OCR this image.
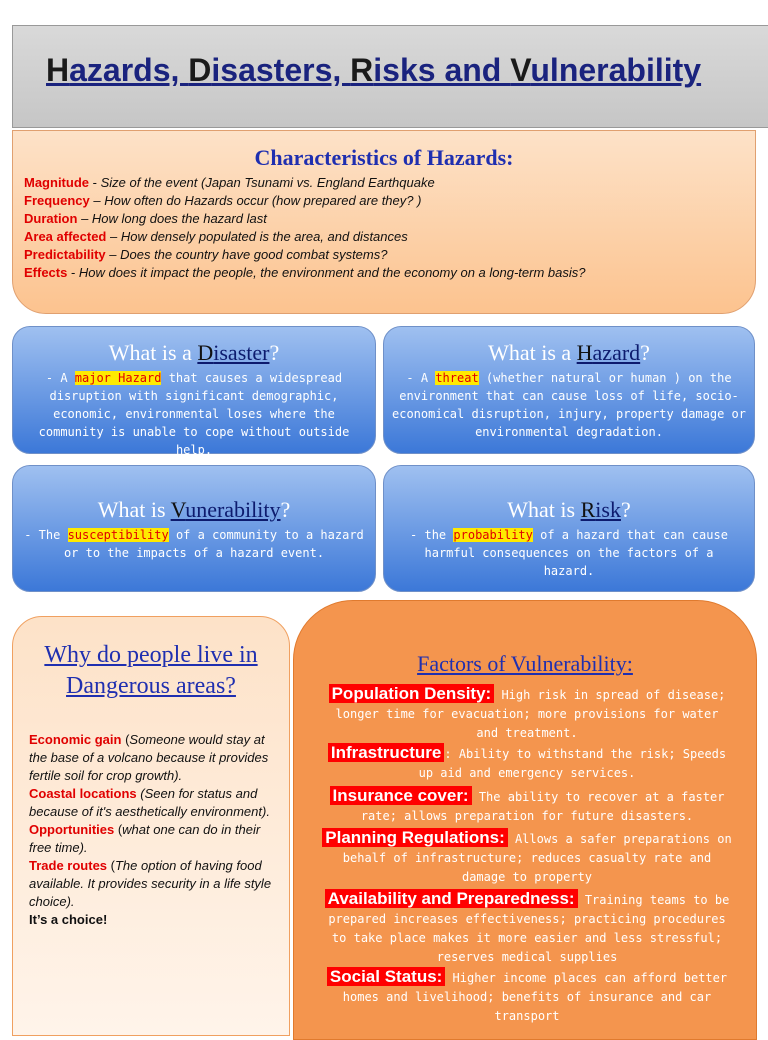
Hazards, Disasters, Risks and Vulnerability
Characteristics of Hazards:
Magnitude - Size of the event (Japan Tsunami vs. England Earthquake
Frequency – How often do Hazards occur (how prepared are they? )
Duration – How long does the hazard last
Area affected – How densely populated is the area, and distances
Predictability – Does the country have good combat systems?
Effects - How does it impact the people, the environment and the economy on a long-term basis?
What is a Disaster?
- A major Hazard that causes a widespread disruption with significant demographic, economic, environmental loses where the community is unable to cope without outside help.
What is a Hazard?
- A threat (whether natural or human ) on the environment that can cause loss of life, socio-economical disruption, injury, property damage or environmental degradation.
What is Vunerability?
- The susceptibility of a community to a hazard or to the impacts of a hazard event.
What is Risk?
- the probability of a hazard that can cause harmful consequences on the factors of a hazard.
Why do people live in Dangerous areas?
Economic gain (Someone would stay at the base of a volcano because it provides fertile soil for crop growth).
Coastal locations (Seen for status and because of it's aesthetically environment).
Opportunities (what one can do in their free time).
Trade routes (The option of having food available. It provides security in a life style choice).
It’s a choice!
Factors of Vulnerability:
Population Density: High risk in spread of disease; longer time for evacuation; more provisions for water and treatment.
Infrastructure : Ability to withstand the risk; Speeds up aid and emergency services.
Insurance cover: The ability to recover at a faster rate; allows preparation for future disasters.
Planning Regulations: Allows a safer preparations on behalf of infrastructure; reduces casualty rate and damage to property
Availability and Preparedness: Training teams to be prepared increases effectiveness; practicing procedures to take place makes it more easier and less stressful; reserves medical supplies
Social Status: Higher income places can afford better homes and livelihood; benefits of insurance and car transport
